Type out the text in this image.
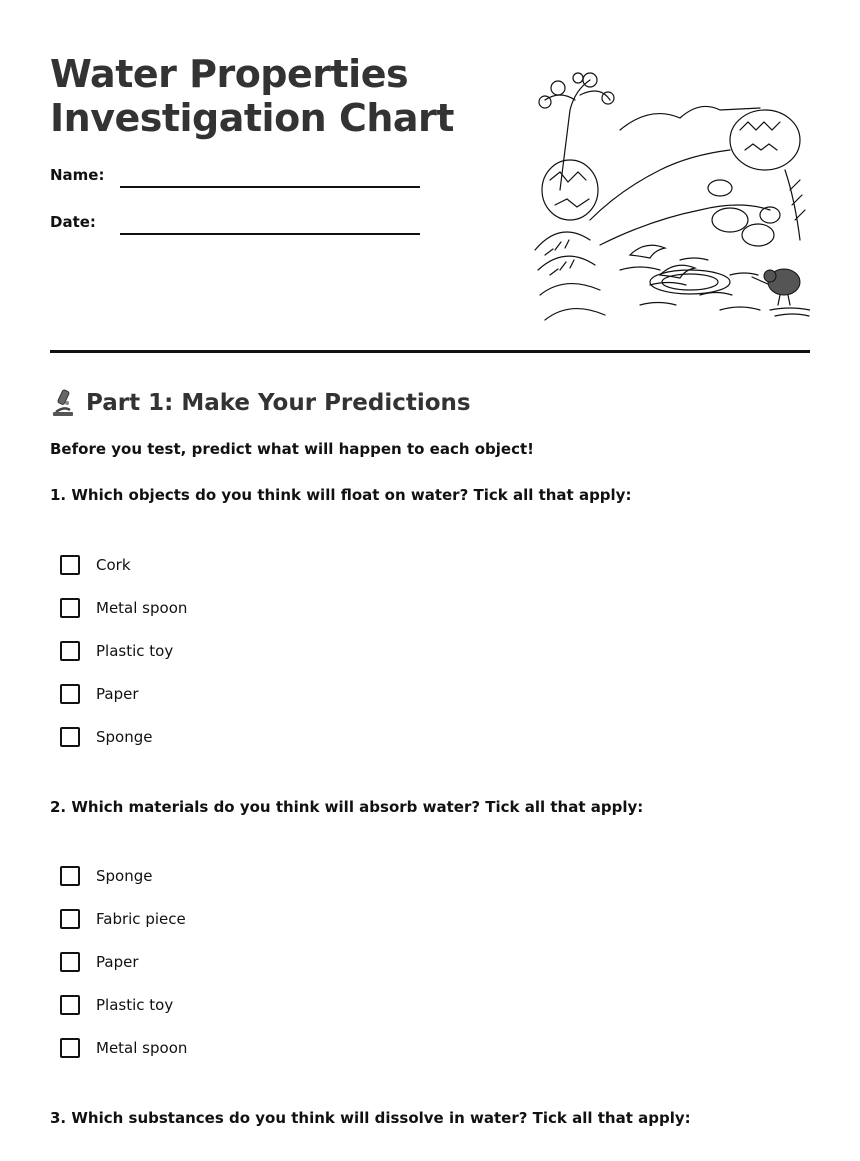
Water Properties
Investigation Chart
Name:
Date:
Part 1: Make Your Predictions

Before you test, predict what will happen to each object!

1. Which objects do you think will float on water? Tick all that apply:

Cork
Metal spoon
Plastic toy
Paper
Sponge

2. Which materials do you think will absorb water? Tick all that apply:

Sponge
Fabric piece
Paper
Plastic toy
Metal spoon

3. Which substances do you think will dissolve in water? Tick all that apply:
